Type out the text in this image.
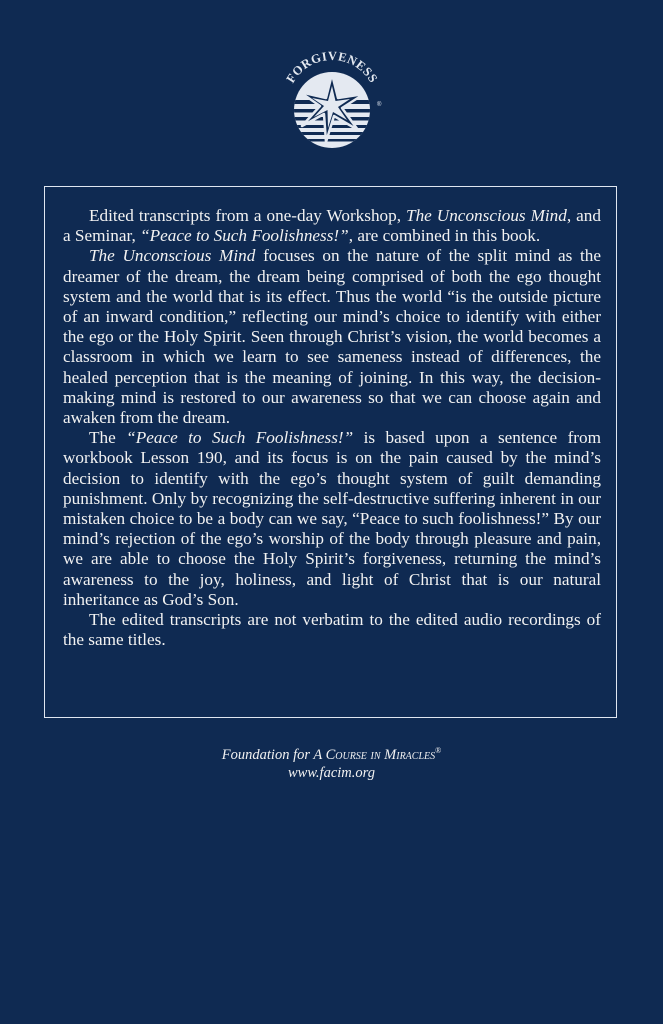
FORGIVENESS
®

Edited transcripts from a one-day Workshop, The Unconscious Mind, and a Seminar, “Peace to Such Foolishness!”, are combined in this book.

The Unconscious Mind focuses on the nature of the split mind as the dreamer of the dream, the dream being comprised of both the ego thought system and the world that is its effect. Thus the world “is the outside picture of an inward condition,” reflecting our mind’s choice to identify with either the ego or the Holy Spirit. Seen through Christ’s vision, the world becomes a classroom in which we learn to see sameness instead of differences, the healed perception that is the meaning of joining. In this way, the decision-making mind is restored to our awareness so that we can choose again and awaken from the dream.

The “Peace to Such Foolishness!” is based upon a sentence from workbook Lesson 190, and its focus is on the pain caused by the mind’s decision to identify with the ego’s thought system of guilt demanding punishment. Only by recognizing the self-destructive suffering inherent in our mistaken choice to be a body can we say, “Peace to such foolishness!” By our mind’s rejection of the ego’s worship of the body through pleasure and pain, we are able to choose the Holy Spirit’s forgiveness, returning the mind’s awareness to the joy, holiness, and light of Christ that is our natural inheritance as God’s Son.

The edited transcripts are not verbatim to the edited audio recordings of the same titles.

Foundation for A Course in Miracles®
www.facim.org
